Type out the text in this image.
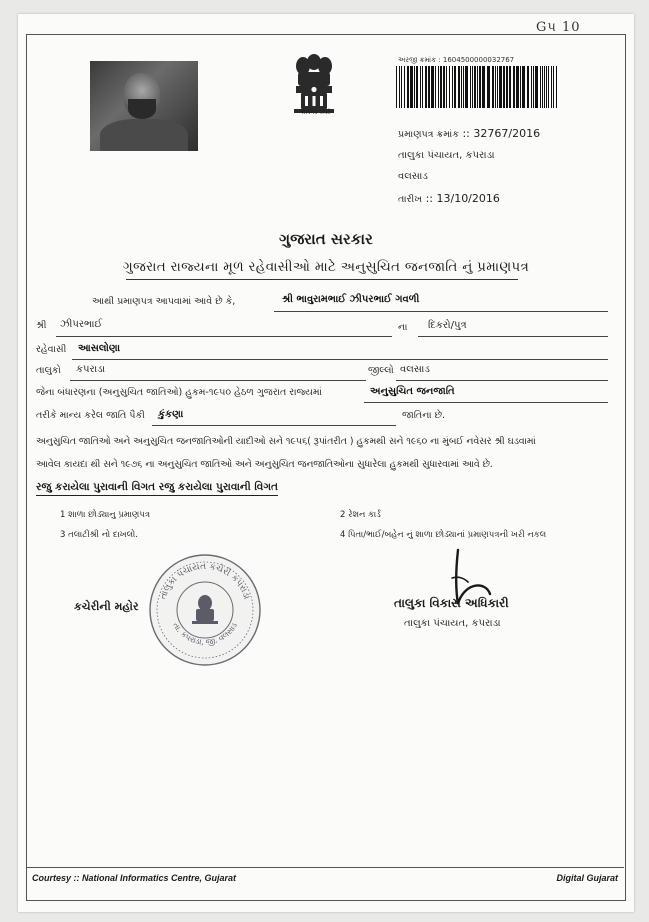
Gપ 10
सत्यमेव जयते
અરજી ક્રમાંક : 1604500000032767
પ્રમાણપત્ર ક્રમાંક :: 32767/2016
તાલુકા પંચાયત, કપરાડા
વલસાડ
તારીખ :: 13/10/2016
ગુજરાત સરકાર
ગુજરાત રાજ્યના મૂળ રહેવાસીઓ માટે અનુસુચિત જનજાતિ નું પ્રમાણપત્ર
આથી પ્રમાણપત્ર આપવામાં આવે છે કે,	શ્રી ભાવુરામભાઈ ઝીપરભાઈ ગવળી
શ્રી ઝીપરભાઈ	ના દિકરો/પુત્ર
રહેવાસી આસલોણા
તાલુકો કપરાડા	જીલ્લો વલસાડ
જેના બંધારણના (અનુસુચિત જાતિઓ) હુકમ-૧૯૫૦ હેઠળ ગુજરાત રાજ્યમાં	અનુસુચિત જનજાતિ
તરીકે માન્ય કરેલ જાતિ પૈકી કુંકણા	જાતિના છે.
અનુસુચિત જાતિઓ અને અનુસુચિત જનજાતિઓની યાદીઓ સને ૧૯૫૬( રૂપાંતરીત ) હુકમથી સને ૧૯૬૦ ના મુંબઈ નવેસર શ્રી ઘડવામાં
આવેલ કાયદા થી સને ૧૯૭૬ ના અનુસુચિત જાતિઓ અને અનુસુચિત જનજાતિઓના સુધારેલા હુકમથી સુધારવામાં આવે છે.
રજુ કરાયેલા પુરાવાની વિગત રજુ કરાયેલા પુરાવાની વિગત
1 શાળા છોડ્યાનુ પ્રમાણપત્ર	2 રેશન કાર્ડ
3 તલાટીશ્રી નો દાખલો.	4 પિતા/ભાઈ/બહેન નું શાળા છોડ્યાનાં પ્રમાણપત્રની ખરી નકલ
કચેરીની મહોર
તાલુકા પંચાયત કચેરી કપરાડા
તા. કપરાડા, જી. વલસાડ
તાલુકા વિકાસ અધિકારી
તાલુકા પંચાયત, કપરાડા
Courtesy :: National Informatics Centre, Gujarat	Digital Gujarat
